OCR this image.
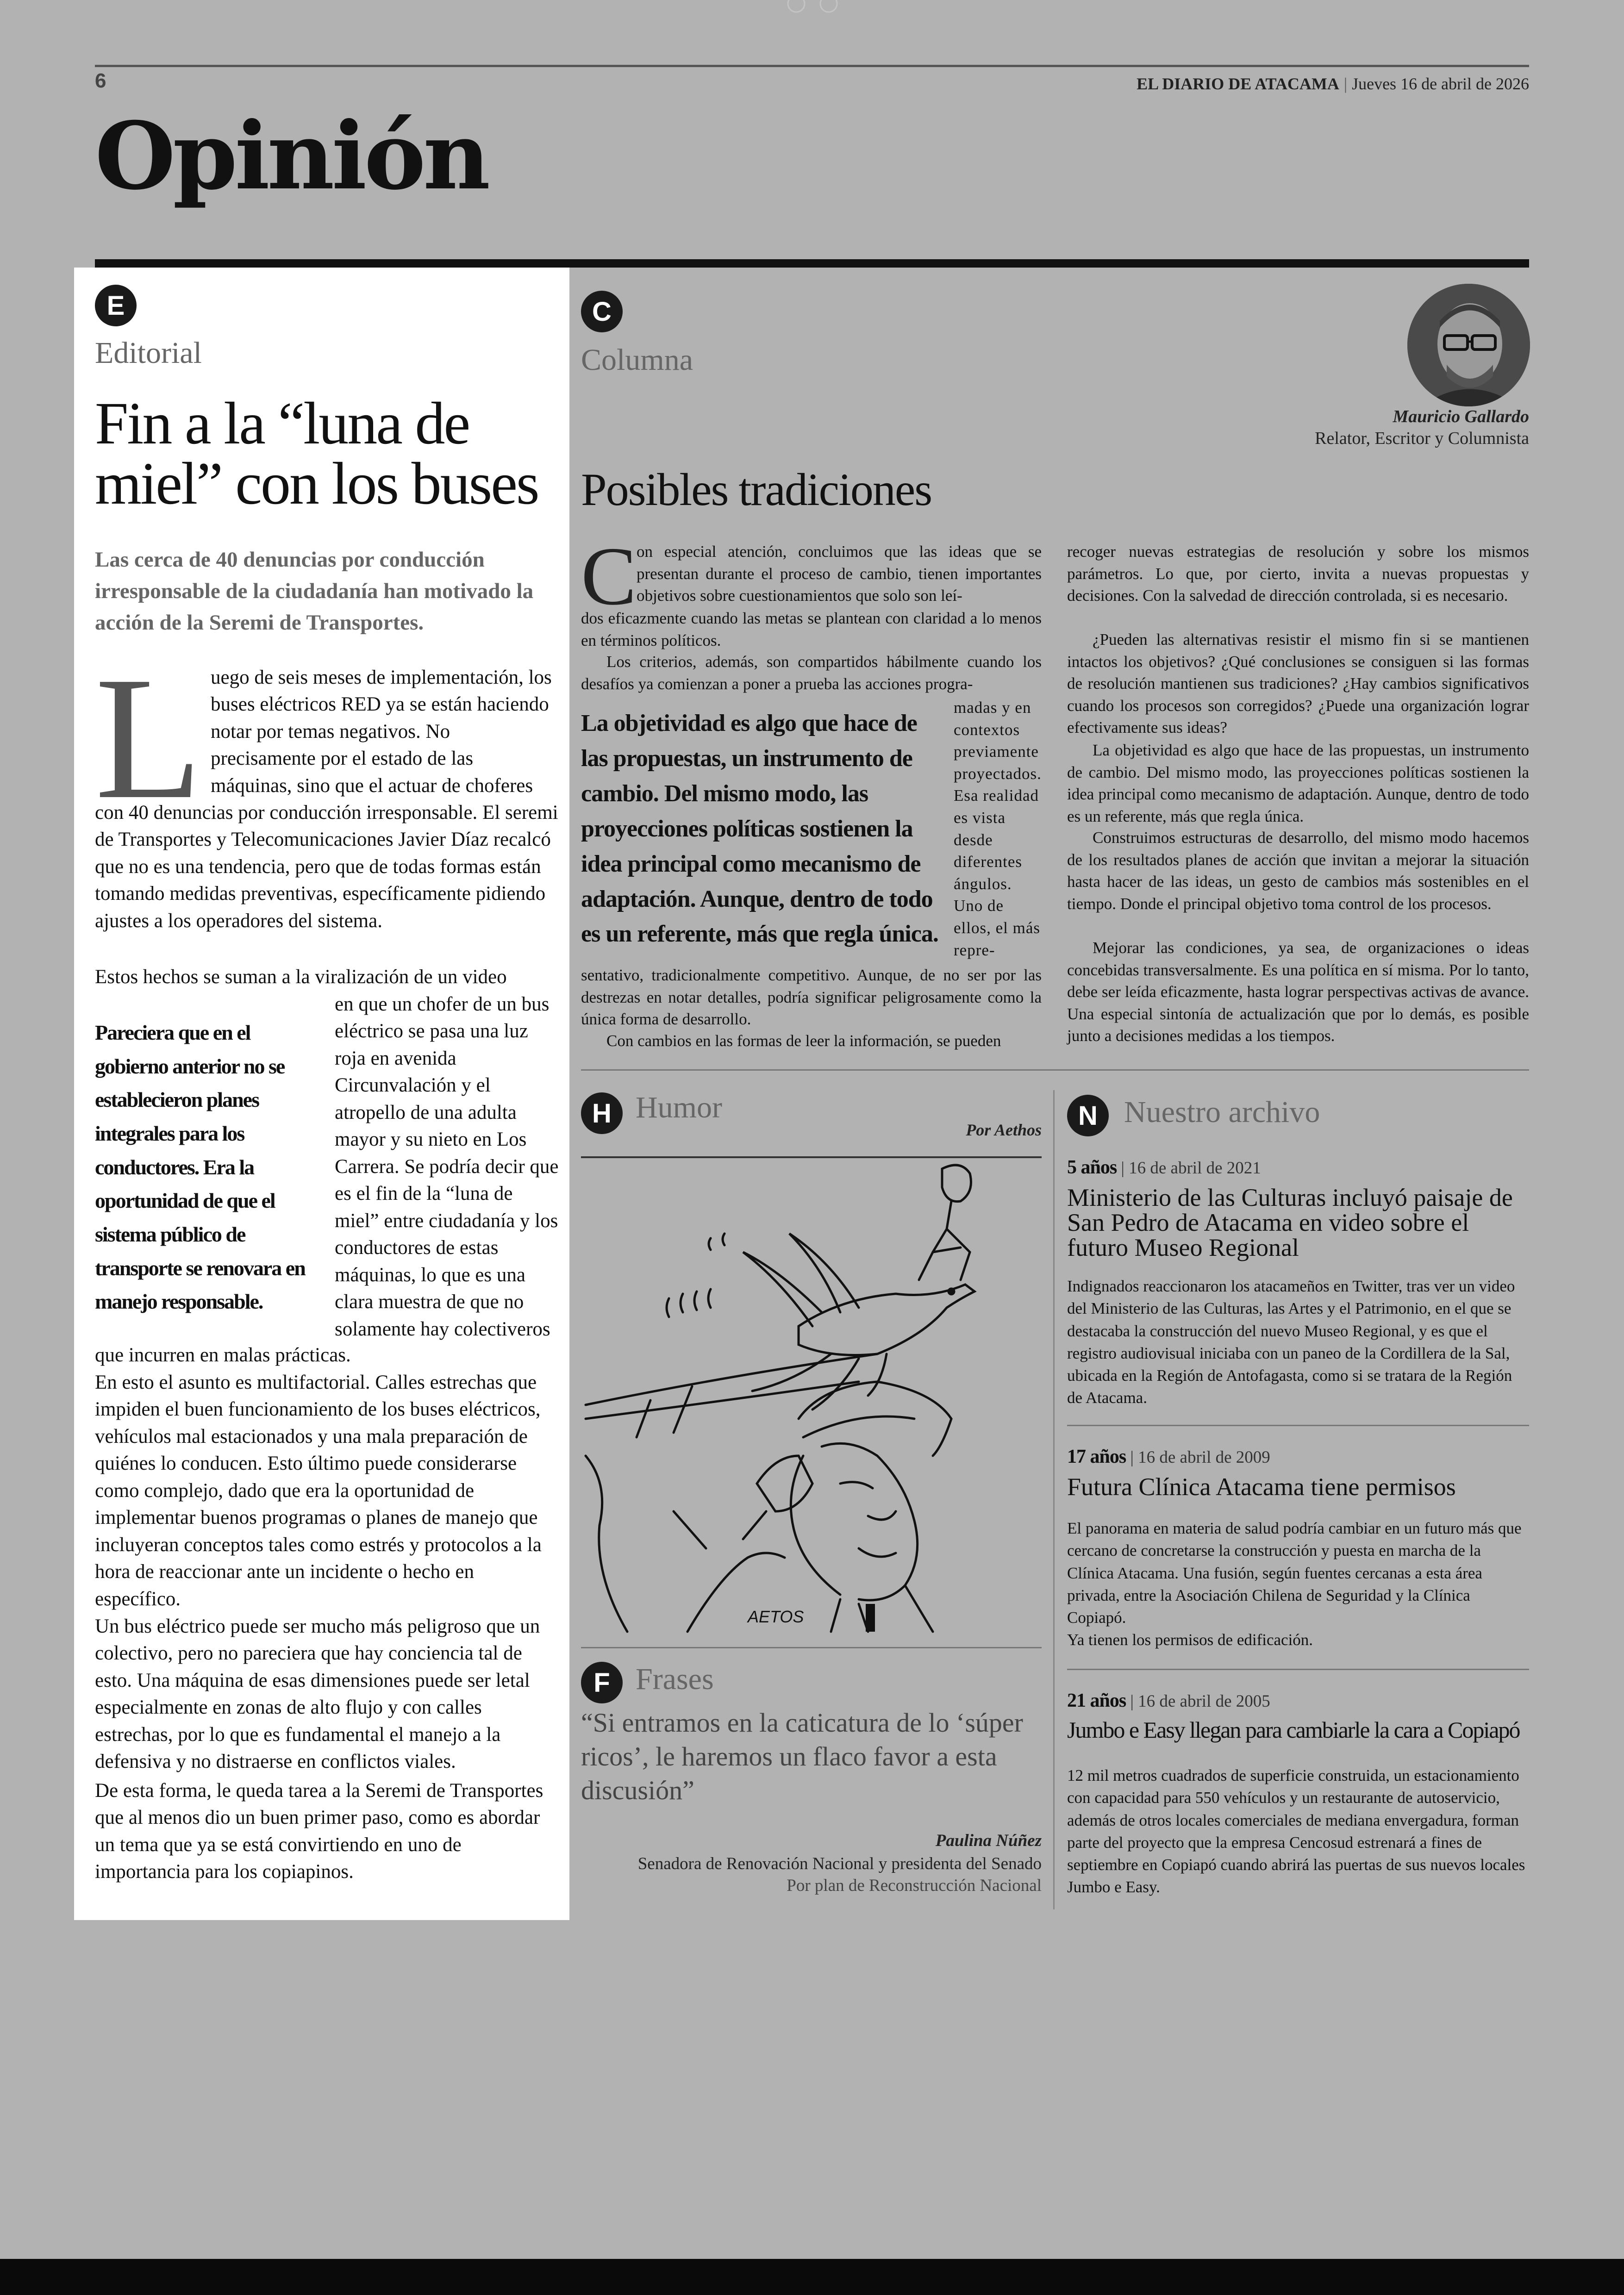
6	EL DIARIO DE ATACAMA | Jueves 16 de abril de 2026
Opinión
E
Editorial
Fin a la “luna de miel” con los buses
Las cerca de 40 denuncias por conducción irresponsable de la ciudadanía han motivado la acción de la Seremi de Transportes.
L uego de seis meses de implementación, los buses eléctricos RED ya se están haciendo notar por temas negativos. No precisamente por el estado de las máquinas, sino que el actuar de choferes
con 40 denuncias por conducción irresponsable. El seremi de Transportes y Telecomunicaciones Javier Díaz recalcó que no es una tendencia, pero que de todas formas están tomando medidas preventivas, específicamente pidiendo ajustes a los operadores del sistema.
Estos hechos se suman a la viralización de un video
Pareciera que en el gobierno anterior no se establecieron planes integrales para los conductores. Era la oportunidad de que el sistema público de transporte se renovara en manejo responsable.
en que un chofer de un bus eléctrico se pasa una luz roja en avenida Circunvalación y el atropello de una adulta mayor y su nieto en Los Carrera. Se podría decir que es el fin de la “luna de miel” entre ciudadanía y los conductores de estas máquinas, lo que es una clara muestra de que no solamente hay colectiveros
que incurren en malas prácticas.
En esto el asunto es multifactorial. Calles estrechas que impiden el buen funcionamiento de los buses eléctricos, vehículos mal estacionados y una mala preparación de quiénes lo conducen. Esto último puede considerarse como complejo, dado que era la oportunidad de implementar buenos programas o planes de manejo que incluyeran conceptos tales como estrés y protocolos a la hora de reaccionar ante un incidente o hecho en específico.
Un bus eléctrico puede ser mucho más peligroso que un colectivo, pero no pareciera que hay conciencia tal de esto. Una máquina de esas dimensiones puede ser letal especialmente en zonas de alto flujo y con calles estrechas, por lo que es fundamental el manejo a la defensiva y no distraerse en conflictos viales.
De esta forma, le queda tarea a la Seremi de Transportes que al menos dio un buen primer paso, como es abordar un tema que ya se está convirtiendo en uno de importancia para los copiapinos.
C
Columna
Mauricio Gallardo
Relator, Escritor y Columnista
Posibles tradiciones
C on especial atención, concluimos que las ideas que se presentan durante el proceso de cambio, tienen importantes objetivos sobre cuestionamientos que solo son leí-
dos eficazmente cuando las metas se plantean con claridad a lo menos en términos políticos.
Los criterios, además, son compartidos hábilmente cuando los desafíos ya comienzan a poner a prueba las acciones progra-
La objetividad es algo que hace de las propuestas, un instrumento de cambio. Del mismo modo, las proyecciones políticas sostienen la idea principal como mecanismo de adaptación. Aunque, dentro de todo es un referente, más que regla única.
madas y en contextos previamente proyectados. Esa realidad es vista desde diferentes ángulos. Uno de ellos, el más repre-
sentativo, tradicionalmente competitivo. Aunque, de no ser por las destrezas en notar detalles, podría significar peligrosamente como la única forma de desarrollo.
Con cambios en las formas de leer la información, se pueden
recoger nuevas estrategias de resolución y sobre los mismos parámetros. Lo que, por cierto, invita a nuevas propuestas y decisiones. Con la salvedad de dirección controlada, si es necesario.
¿Pueden las alternativas resistir el mismo fin si se mantienen intactos los objetivos? ¿Qué conclusiones se consiguen si las formas de resolución mantienen sus tradiciones? ¿Hay cambios significativos cuando los procesos son corregidos? ¿Puede una organización lograr efectivamente sus ideas?
La objetividad es algo que hace de las propuestas, un instrumento de cambio. Del mismo modo, las proyecciones políticas sostienen la idea principal como mecanismo de adaptación. Aunque, dentro de todo es un referente, más que regla única.
Construimos estructuras de desarrollo, del mismo modo hacemos de los resultados planes de acción que invitan a mejorar la situación hasta hacer de las ideas, un gesto de cambios más sostenibles en el tiempo. Donde el principal objetivo toma control de los procesos.
Mejorar las condiciones, ya sea, de organizaciones o ideas concebidas transversalmente. Es una política en sí misma. Por lo tanto, debe ser leída eficazmente, hasta lograr perspectivas activas de avance. Una especial sintonía de actualización que por lo demás, es posible junto a decisiones medidas a los tiempos.
H Humor
Por Aethos
AETOS
F Frases
“Si entramos en la caticatura de lo ‘súper ricos’, le haremos un flaco favor a esta discusión”
Paulina Núñez
Senadora de Renovación Nacional y presidenta del Senado
Por plan de Reconstrucción Nacional
N Nuestro archivo
5 años | 16 de abril de 2021
Ministerio de las Culturas incluyó paisaje de San Pedro de Atacama en video sobre el futuro Museo Regional
Indignados reaccionaron los atacameños en Twitter, tras ver un video del Ministerio de las Culturas, las Artes y el Patrimonio, en el que se destacaba la construcción del nuevo Museo Regional, y es que el registro audiovisual iniciaba con un paneo de la Cordillera de la Sal, ubicada en la Región de Antofagasta, como si se tratara de la Región de Atacama.
17 años | 16 de abril de 2009
Futura Clínica Atacama tiene permisos
El panorama en materia de salud podría cambiar en un futuro más que cercano de concretarse la construcción y puesta en marcha de la Clínica Atacama. Una fusión, según fuentes cercanas a esta área privada, entre la Asociación Chilena de Seguridad y la Clínica Copiapó.
Ya tienen los permisos de edificación.
21 años | 16 de abril de 2005
Jumbo e Easy llegan para cambiarle la cara a Copiapó
12 mil metros cuadrados de superficie construida, un estacionamiento con capacidad para 550 vehículos y un restaurante de autoservicio, además de otros locales comerciales de mediana envergadura, forman parte del proyecto que la empresa Cencosud estrenará a fines de septiembre en Copiapó cuando abrirá las puertas de sus nuevos locales Jumbo e Easy.
